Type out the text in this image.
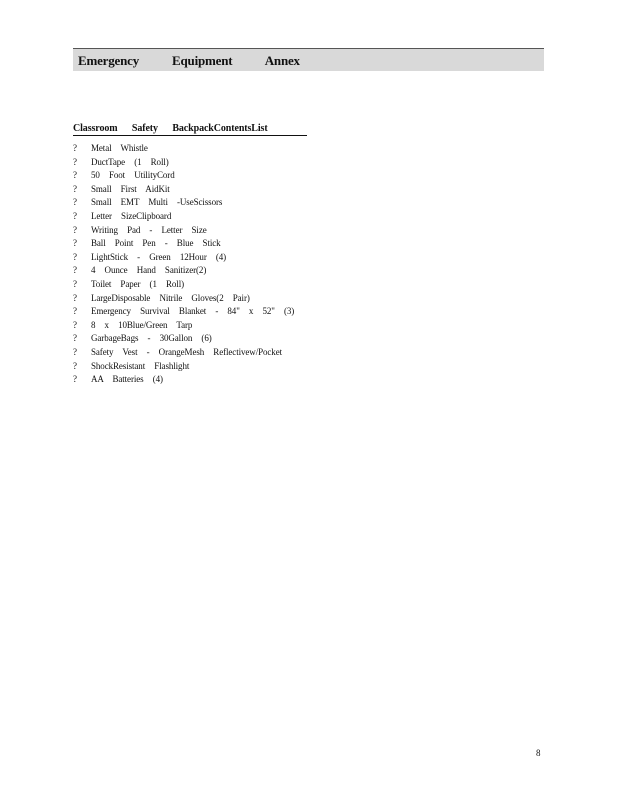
Emergency Equipment Annex
Classroom Safety BackpackContentsList
? Metal Whistle
? DuctTape (1 Roll)
? 50 Foot UtilityCord
? Small First AidKit
? Small EMT Multi -UseScissors
? Letter SizeClipboard
? Writing Pad - Letter Size
? Ball Point Pen - Blue Stick
? LightStick - Green 12Hour (4)
? 4 Ounce Hand Sanitizer(2)
? Toilet Paper (1 Roll)
? LargeDisposable Nitrile Gloves(2 Pair)
? Emergency Survival Blanket - 84" x 52" (3)
? 8 x 10Blue/Green Tarp
? GarbageBags - 30Gallon (6)
? Safety Vest - OrangeMesh Reflectivew/Pocket
? ShockResistant Flashlight
? AA Batteries (4)
8
